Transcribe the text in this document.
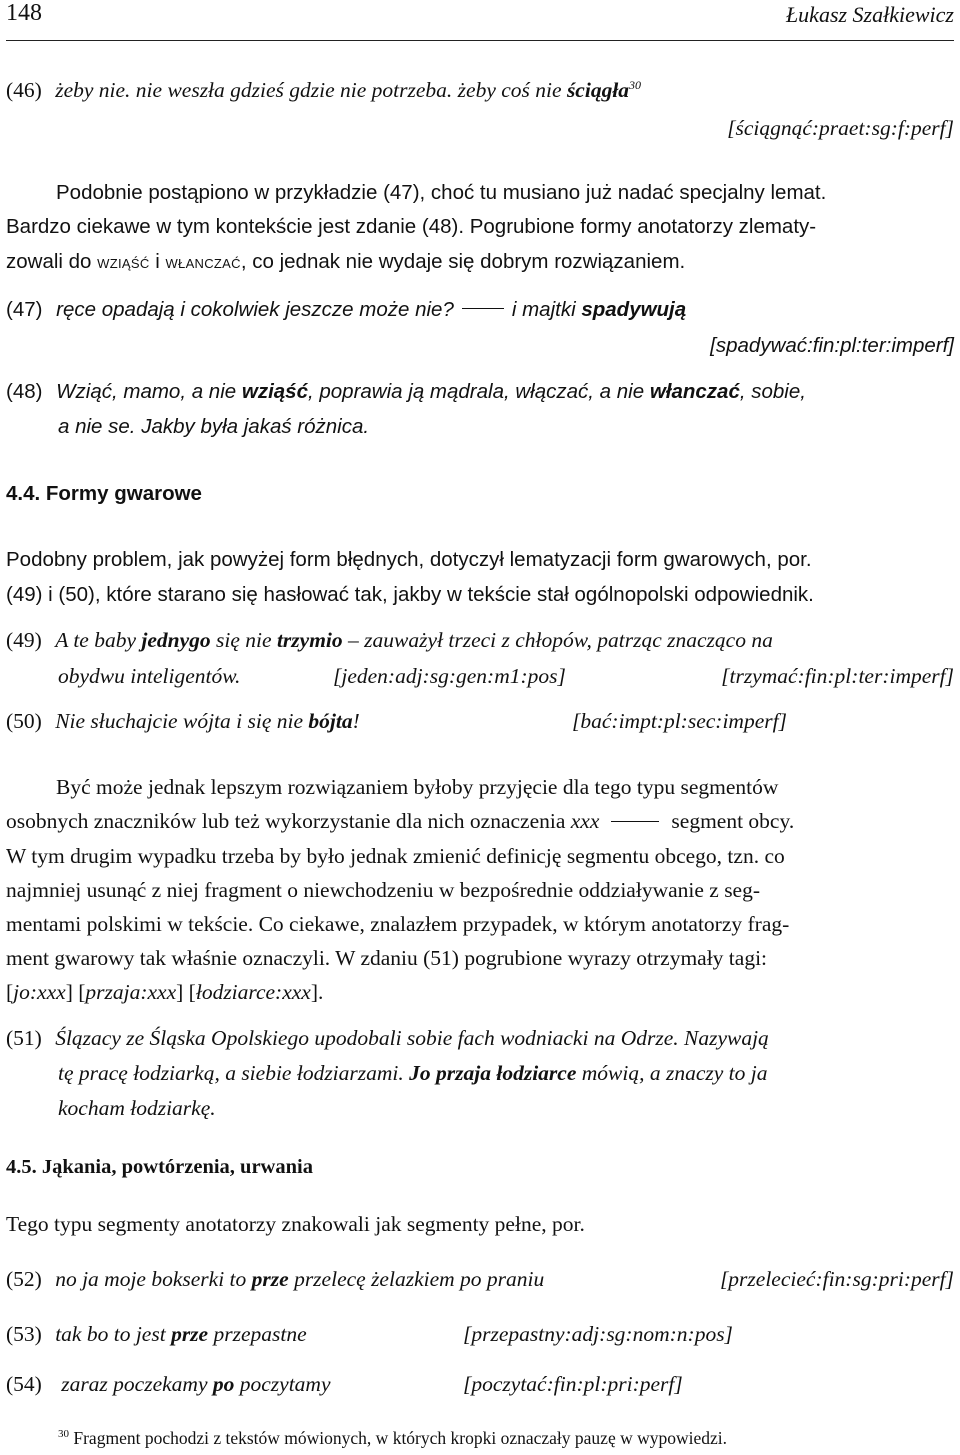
148	Łukasz Szałkiewicz
(46) żeby nie. nie weszła gdzieś gdzie nie potrzeba. żeby coś nie ściągła$^{30}$
[ściągnąć:praet:sg:f:perf]
Podobnie postąpiono w przykładzie (47), choć tu musiano już nadać specjalny lemat.
Bardzo ciekawe w tym kontekście jest zdanie (48). Pogrubione formy anotatorzy zlematy-
zowali do wziąść i włanczać, co jednak nie wydaje się dobrym rozwiązaniem.
(47) ręce opadają i cokolwiek jeszcze może nie?	i majtki spadywują
[spadywać:fin:pl:ter:imperf]
(48) Wziąć, mamo, a nie wziąść, poprawia ją mądrala, włączać, a nie włanczać, sobie,
a nie se. Jakby była jakaś różnica.
4.4. Formy gwarowe
Podobny problem, jak powyżej form błędnych, dotyczył lematyzacji form gwarowych, por.
(49) i (50), które starano się hasłować tak, jakby w tekście stał ogólnopolski odpowiednik.
(49) A te baby jednygo się nie trzymio – zauważył trzeci z chłopów, patrząc znacząco na
obydwu inteligentów.	[jeden:adj:sg:gen:m1:pos]	[trzymać:fin:pl:ter:imperf]
(50) Nie słuchajcie wójta i się nie bójta!	[bać:impt:pl:sec:imperf]
Być może jednak lepszym rozwiązaniem byłoby przyjęcie dla tego typu segmentów
osobnych znaczników lub też wykorzystanie dla nich oznaczenia xxx	segment obcy.
W tym drugim wypadku trzeba by było jednak zmienić definicję segmentu obcego, tzn. co
najmniej usunąć z niej fragment o niewchodzeniu w bezpośrednie oddziaływanie z seg-
mentami polskimi w tekście. Co ciekawe, znalazłem przypadek, w którym anotatorzy frag-
ment gwarowy tak właśnie oznaczyli. W zdaniu (51) pogrubione wyrazy otrzymały tagi:
[jo:xxx] [przaja:xxx] [łodziarce:xxx].
(51) Ślązacy ze Śląska Opolskiego upodobali sobie fach wodniacki na Odrze. Nazywają
tę pracę łodziarką, a siebie łodziarzami. Jo przaja łodziarce mówią, a znaczy to ja
kocham łodziarkę.
4.5. Jąkania, powtórzenia, urwania
Tego typu segmenty anotatorzy znakowali jak segmenty pełne, por.
(52) no ja moje bokserki to prze przelecę żelazkiem po praniu	[przelecieć:fin:sg:pri:perf]
(53) tak bo to jest prze przepastne	[przepastny:adj:sg:nom:n:pos]
(54) zaraz poczekamy po poczytamy	[poczytać:fin:pl:pri:perf]
$^{30}$ Fragment pochodzi z tekstów mówionych, w których kropki oznaczały pauzę w wypowiedzi.
